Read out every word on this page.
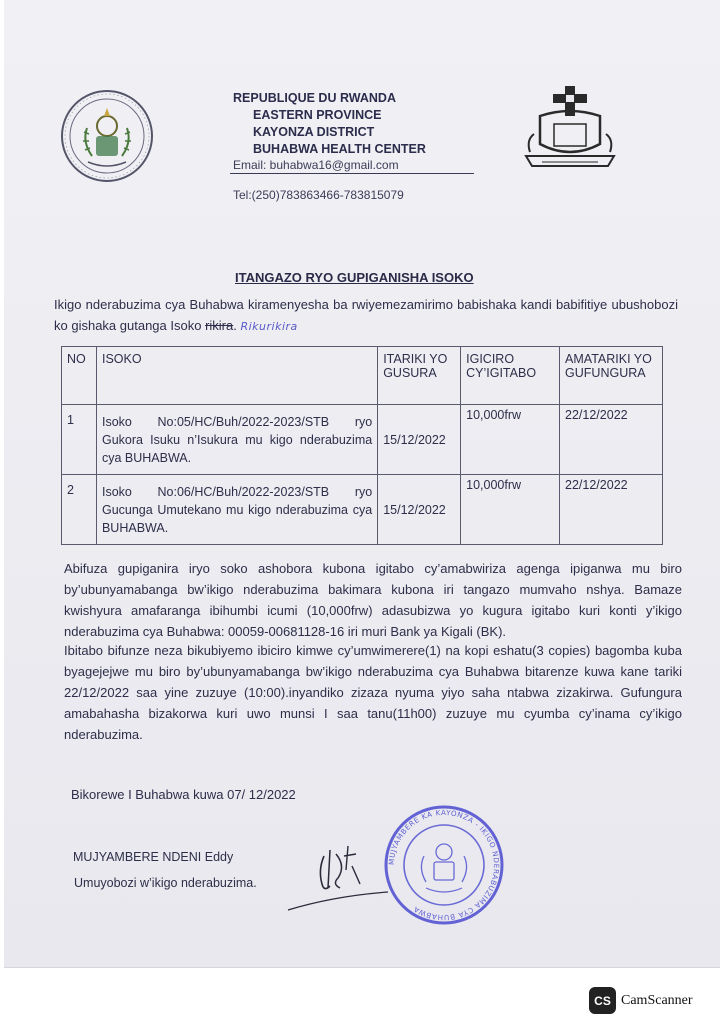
REPUBLIQUE DU RWANDA
EASTERN PROVINCE
KAYONZA DISTRICT
BUHABWA HEALTH CENTER
Email: buhabwa16@gmail.com
Tel:(250)783863466-783815079
ITANGAZO RYO GUPIGANISHA ISOKO
Ikigo nderabuzima cya Buhabwa kiramenyesha ba rwiyemezamirimo babishaka kandi babifitiye ubushobozi ko gishaka gutanga Isoko rikira. Rikurikira
NO	ISOKO	ITARIKI YO GUSURA	IGICIRO CY’IGITABO	AMATARIKI YO GUFUNGURA
1	Isoko No:05/HC/Buh/2022-2023/STB ryo Gukora Isuku n’Isukura mu kigo nderabuzima cya BUHABWA.	15/12/2022	10,000frw	22/12/2022
2	Isoko No:06/HC/Buh/2022-2023/STB ryo Gucunga Umutekano mu kigo nderabuzima cya BUHABWA.	15/12/2022	10,000frw	22/12/2022
Abifuza gupiganira iryo soko ashobora kubona igitabo cy’amabwiriza agenga ipiganwa mu biro by’ubunyamabanga bw’ikigo nderabuzima bakimara kubona iri tangazo mumvaho nshya. Bamaze kwishyura amafaranga ibihumbi icumi (10,000frw) adasubizwa yo kugura igitabo kuri konti y’ikigo nderabuzima cya Buhabwa: 00059-00681128-16 iri muri Bank ya Kigali (BK).
Ibitabo bifunze neza bikubiyemo ibiciro kimwe cy’umwimerere(1) na kopi eshatu(3 copies) bagomba kuba byagejejwe mu biro by’ubunyamabanga bw’ikigo nderabuzima cya Buhabwa bitarenze kuwa kane tariki 22/12/2022 saa yine zuzuye (10:00).inyandiko zizaza nyuma yiyo saha ntabwa zizakirwa. Gufungura amabahasha bizakorwa kuri uwo munsi I saa tanu(11h00) zuzuye mu cyumba cy’inama cy’ikigo nderabuzima.
Bikorewe I Buhabwa kuwa 07/ 12/2022
MUJYAMBERE NDENI Eddy
Umuyobozi w’ikigo nderabuzima.
MUJYAMBERE KA KAYONZA - IKIGO NDERABUZIMA CYA BUHABWA
CS CamScanner
